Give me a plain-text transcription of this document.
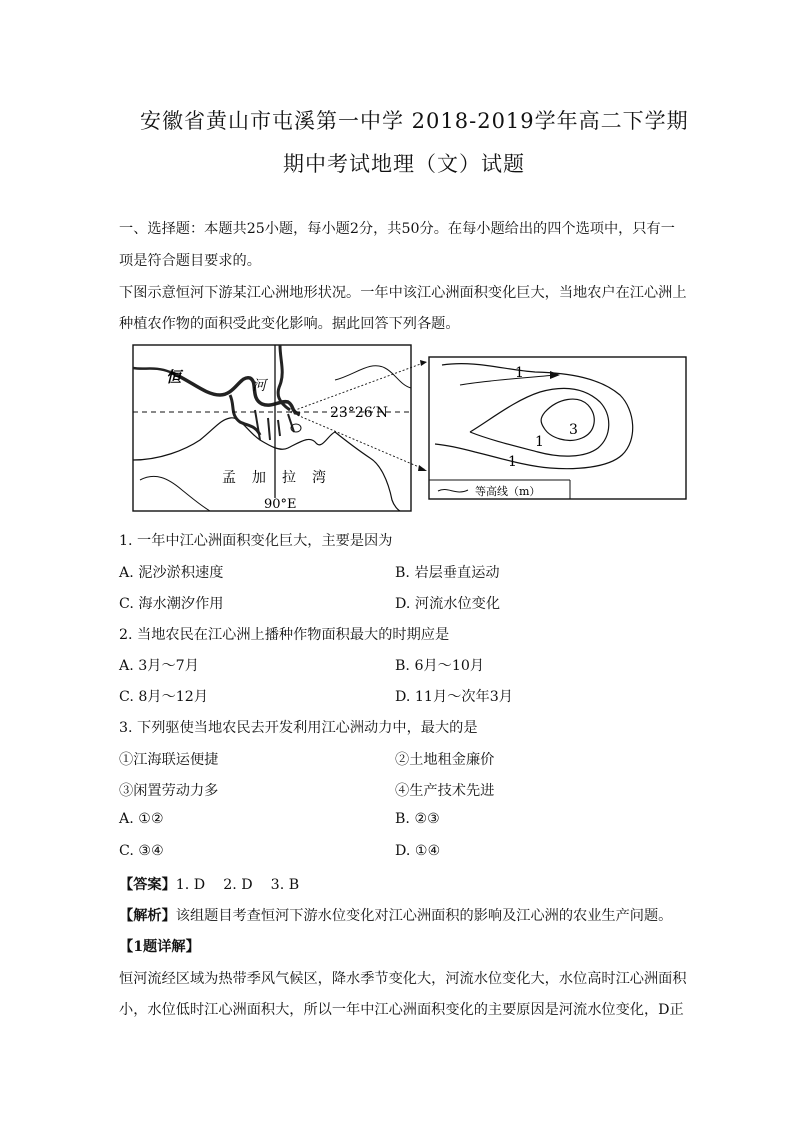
安徽省黄山市屯溪第一中学 2018-2019学年高二下学期
期中考试地理（文）试题
一、选择题：本题共25小题，每小题2分，共50分。在每小题给出的四个选项中，只有一
项是符合题目要求的。
下图示意恒河下游某江心洲地形状况。一年中该江心洲面积变化巨大，当地农户在江心洲上
种植农作物的面积受此变化影响。据此回答下列各题。
恒	河
23°26′N
孟 加 拉 湾
90°E
1
3
1
1
等高线（m）
1. 一年中江心洲面积变化巨大，主要是因为
A. 泥沙淤积速度	B. 岩层垂直运动
C. 海水潮汐作用	D. 河流水位变化
2. 当地农民在江心洲上播种作物面积最大的时期应是
A. 3月～7月	B. 6月～10月
C. 8月～12月	D. 11月～次年3月
3. 下列驱使当地农民去开发利用江心洲动力中，最大的是
①江海联运便捷	②土地租金廉价
③闲置劳动力多	④生产技术先进
A. ①②	B. ②③
C. ③④	D. ①④
【答案】1. D    2. D    3. B
【解析】该组题目考查恒河下游水位变化对江心洲面积的影响及江心洲的农业生产问题。
【1题详解】
恒河流经区域为热带季风气候区，降水季节变化大，河流水位变化大，水位高时江心洲面积
小，水位低时江心洲面积大，所以一年中江心洲面积变化的主要原因是河流水位变化，D正
